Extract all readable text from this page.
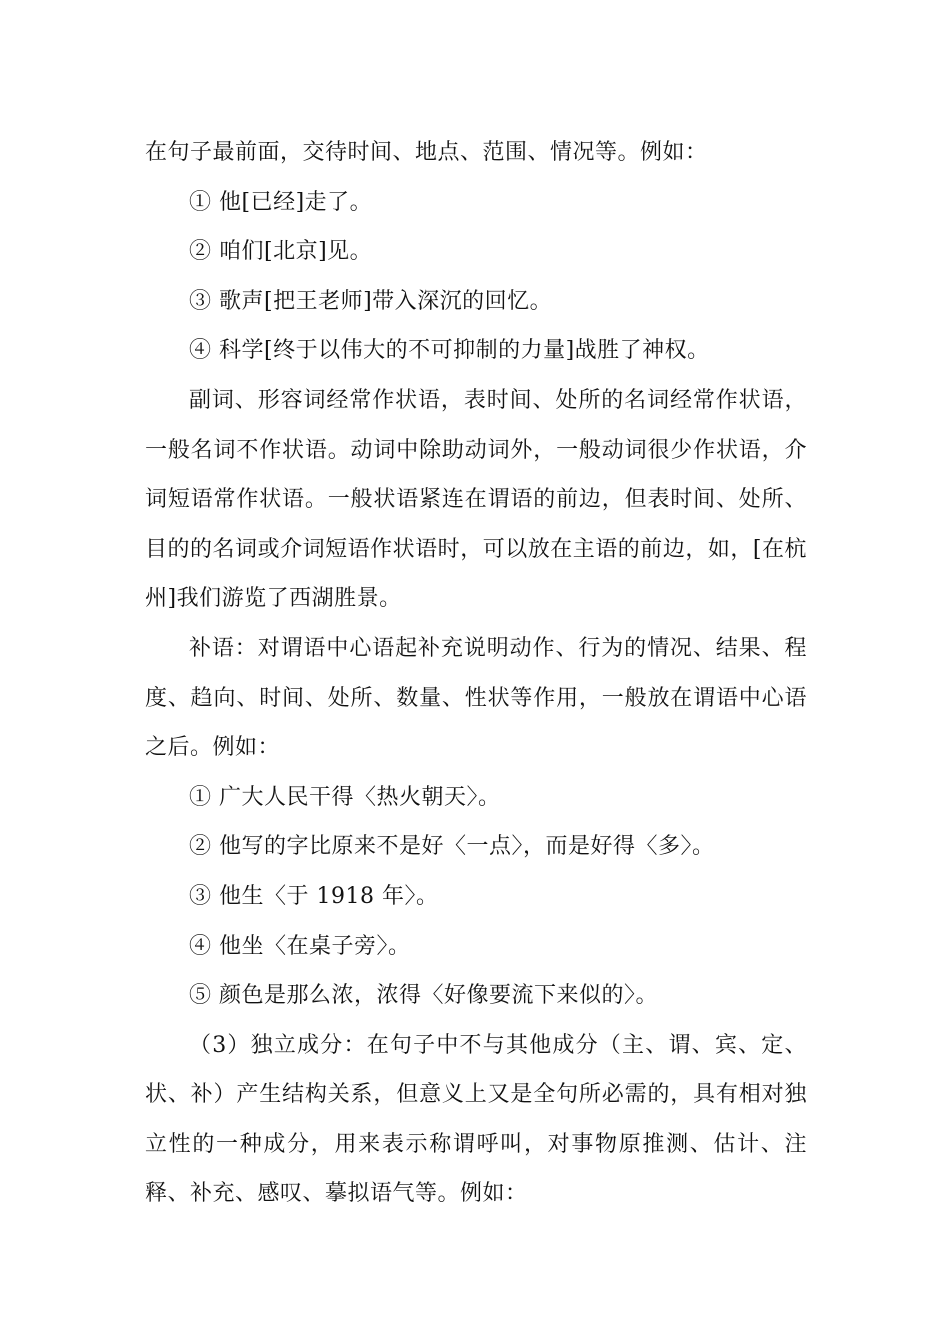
在句子最前面，交待时间、地点、范围、情况等。例如：
① 他[已经]走了。
② 咱们[北京]见。
③ 歌声[把王老师]带入深沉的回忆。
④ 科学[终于以伟大的不可抑制的力量]战胜了神权。
副词、形容词经常作状语，表时间、处所的名词经常作状语，
一般名词不作状语。动词中除助动词外，一般动词很少作状语，介
词短语常作状语。一般状语紧连在谓语的前边，但表时间、处所、
目的的名词或介词短语作状语时，可以放在主语的前边，如，[在杭
州]我们游览了西湖胜景。
补语：对谓语中心语起补充说明动作、行为的情况、结果、程
度、趋向、时间、处所、数量、性状等作用，一般放在谓语中心语
之后。例如：
① 广大人民干得〈热火朝天〉。
② 他写的字比原来不是好〈一点〉，而是好得〈多〉。
③ 他生〈于 1918 年〉。
④ 他坐〈在桌子旁〉。
⑤ 颜色是那么浓，浓得〈好像要流下来似的〉。
（3）独立成分：在句子中不与其他成分（主、谓、宾、定、
状、补）产生结构关系，但意义上又是全句所必需的，具有相对独
立性的一种成分，用来表示称谓呼叫，对事物原推测、估计、注
释、补充、感叹、摹拟语气等。例如：
